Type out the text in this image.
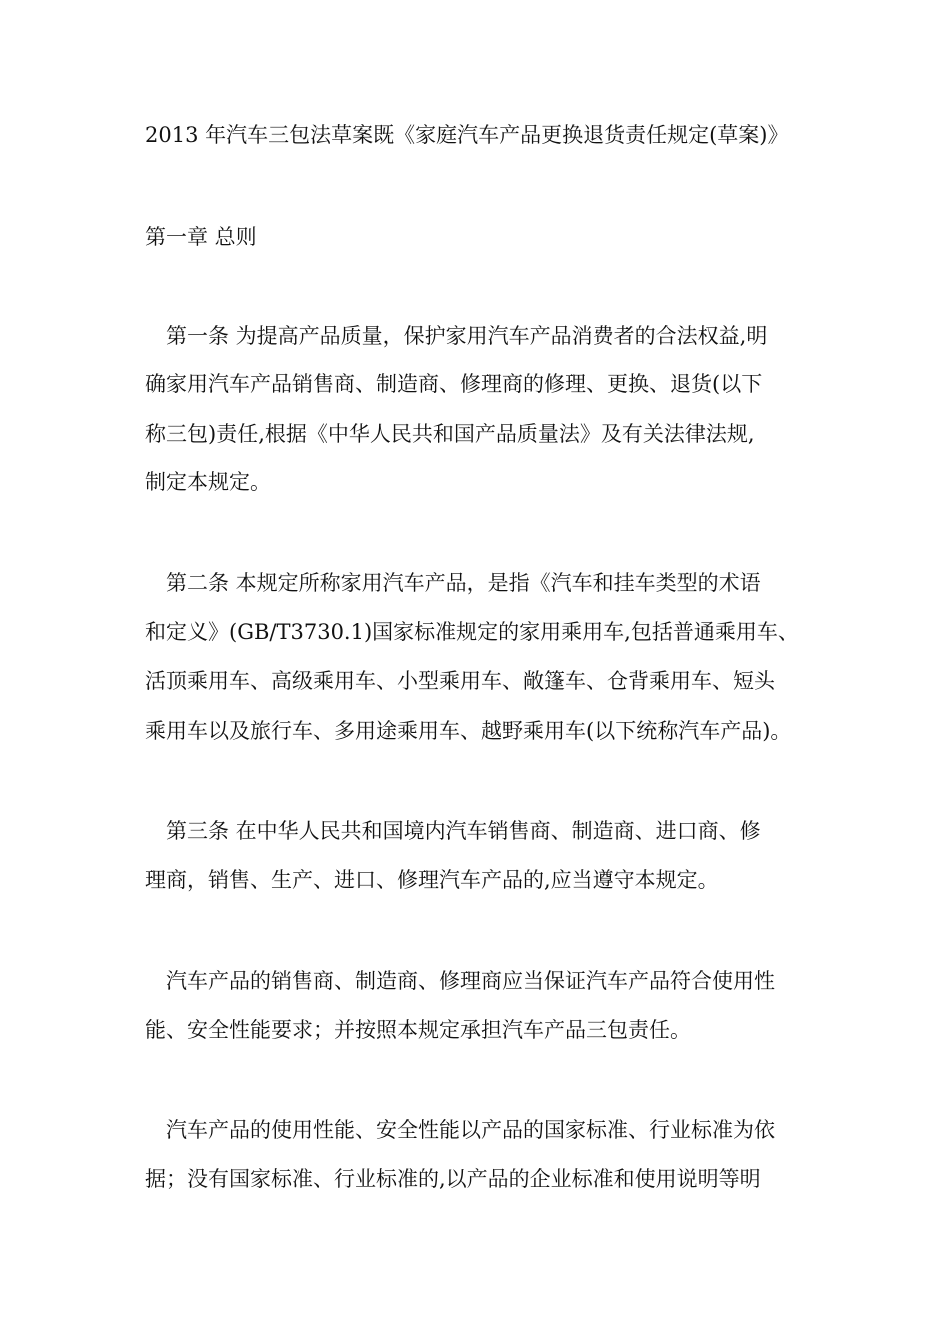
2013 年汽车三包法草案既《家庭汽车产品更换退货责任规定(草案)》

第一章 总则

第一条 为提高产品质量，保护家用汽车产品消费者的合法权益,明

确家用汽车产品销售商、制造商、修理商的修理、更换、退货(以下

称三包)责任,根据《中华人民共和国产品质量法》及有关法律法规,

制定本规定。

第二条 本规定所称家用汽车产品，是指《汽车和挂车类型的术语

和定义》(GB/T3730.1)国家标准规定的家用乘用车,包括普通乘用车、

活顶乘用车、高级乘用车、小型乘用车、敞篷车、仓背乘用车、短头

乘用车以及旅行车、多用途乘用车、越野乘用车(以下统称汽车产品)。

第三条 在中华人民共和国境内汽车销售商、制造商、进口商、修

理商，销售、生产、进口、修理汽车产品的,应当遵守本规定。

汽车产品的销售商、制造商、修理商应当保证汽车产品符合使用性

能、安全性能要求；并按照本规定承担汽车产品三包责任。

汽车产品的使用性能、安全性能以产品的国家标准、行业标准为依

据；没有国家标准、行业标准的,以产品的企业标准和使用说明等明
